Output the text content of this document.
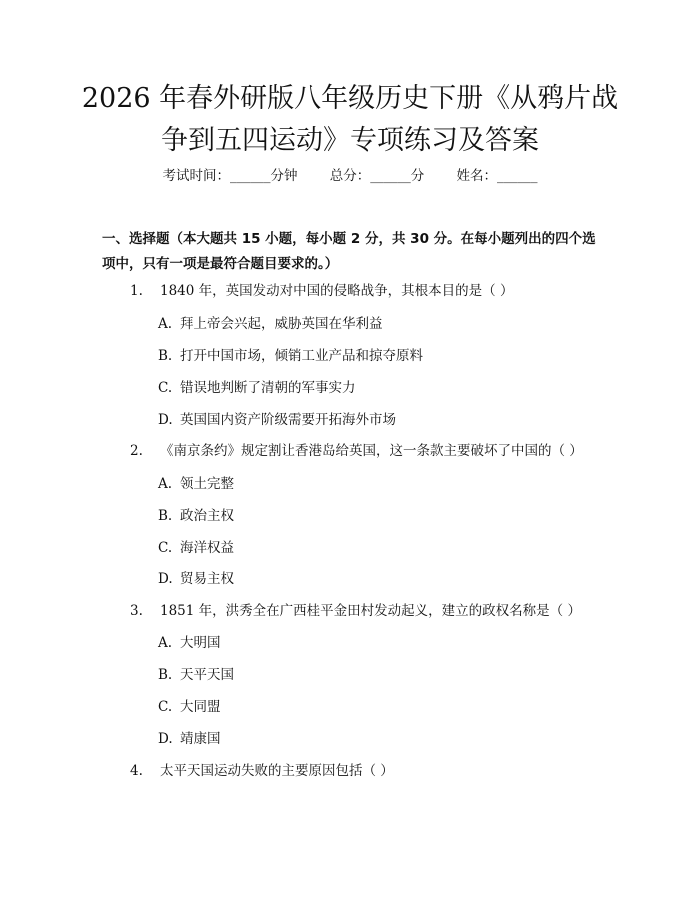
2026 年春外研版八年级历史下册《从鸦片战
争到五四运动》专项练习及答案
考试时间：______分钟 总分：______分 姓名：______

一、选择题（本大题共 15 小题，每小题 2 分，共 30 分。在每小题列出的四个选项中，只有一项是最符合题目要求的。）

1. 1840 年，英国发动对中国的侵略战争，其根本目的是（ ）
A. 拜上帝会兴起，威胁英国在华利益
B. 打开中国市场，倾销工业产品和掠夺原料
C. 错误地判断了清朝的军事实力
D. 英国国内资产阶级需要开拓海外市场
2. 《南京条约》规定割让香港岛给英国，这一条款主要破坏了中国的（ ）
A. 领土完整
B. 政治主权
C. 海洋权益
D. 贸易主权
3. 1851 年，洪秀全在广西桂平金田村发动起义，建立的政权名称是（ ）
A. 大明国
B. 天平天国
C. 大同盟
D. 靖康国
4. 太平天国运动失败的主要原因包括（ ）
